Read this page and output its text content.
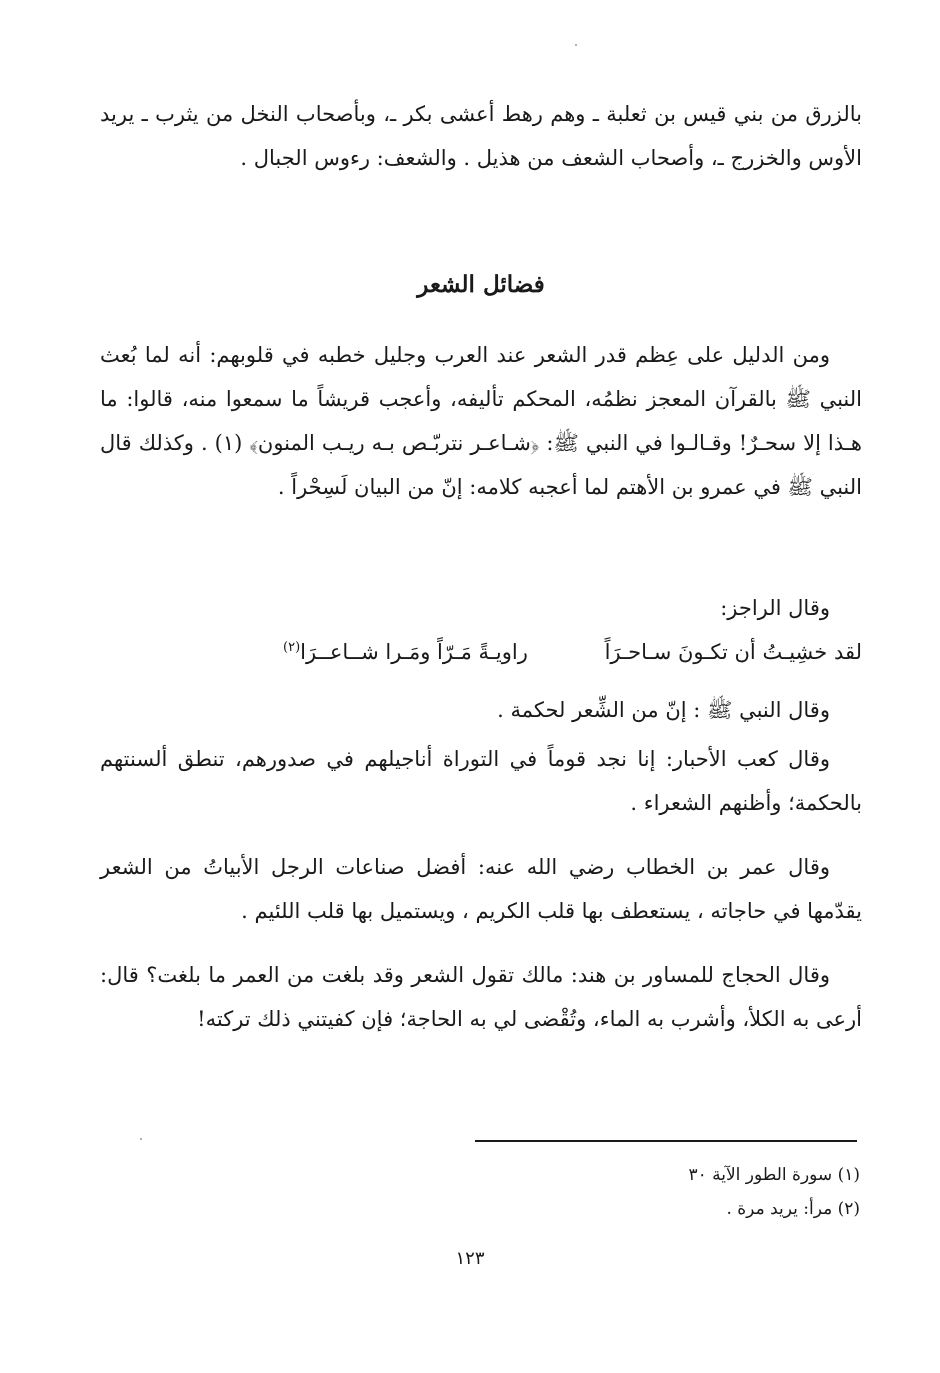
بالزرق من بني قيس بن ثعلبة ـ وهم رهط أعشى بكر ـ، وبأصحاب النخل من يثرب ـ يريد الأوس والخزرج ـ، وأصحاب الشعف من هذيل . والشعف: رءوس الجبال .
فضائل الشعر
ومن الدليل على عِظم قدر الشعر عند العرب وجليل خطبه في قلوبهم: أنه لما بُعث النبي ﷺ بالقرآن المعجز نظمُه، المحكم تأليفه، وأعجب قريشاً ما سمعوا منه، قالوا: ما هـذا إلا سحـرٌ! وقـالـوا في النبي ﷺ: ﴿شـاعـر نتربّـص بـه ريـب المنون﴾ (١) . وكذلك قال النبي ﷺ في عمرو بن الأهتم لما أعجبه كلامه: إنّ من البيان لَسِحْراً .
وقال الراجز:
لقد خشِيـتُ أن تكـونَ سـاحـرَاً راويـةً مَـرّاً ومَـرا شــاعــرَا$^{(٢)}$
وقال النبي ﷺ : إنّ من الشِّعر لحكمة .
وقال كعب الأحبار: إنا نجد قوماً في التوراة أناجيلهم في صدورهم، تنطق ألسنتهم بالحكمة؛ وأظنهم الشعراء .
وقال عمر بن الخطاب رضي الله عنه: أفضل صناعات الرجل الأبياتُ من الشعر يقدّمها في حاجاته ، يستعطف بها قلب الكريم ، ويستميل بها قلب اللئيم .
وقال الحجاج للمساور بن هند: مالك تقول الشعر وقد بلغت من العمر ما بلغت؟ قال: أرعى به الكلأ، وأشرب به الماء، وتُقْضى لي به الحاجة؛ فإن كفيتني ذلك تركته!
(١) سورة الطور الآية ٣٠
(٢) مرأ: يريد مرة .
١٢٣
